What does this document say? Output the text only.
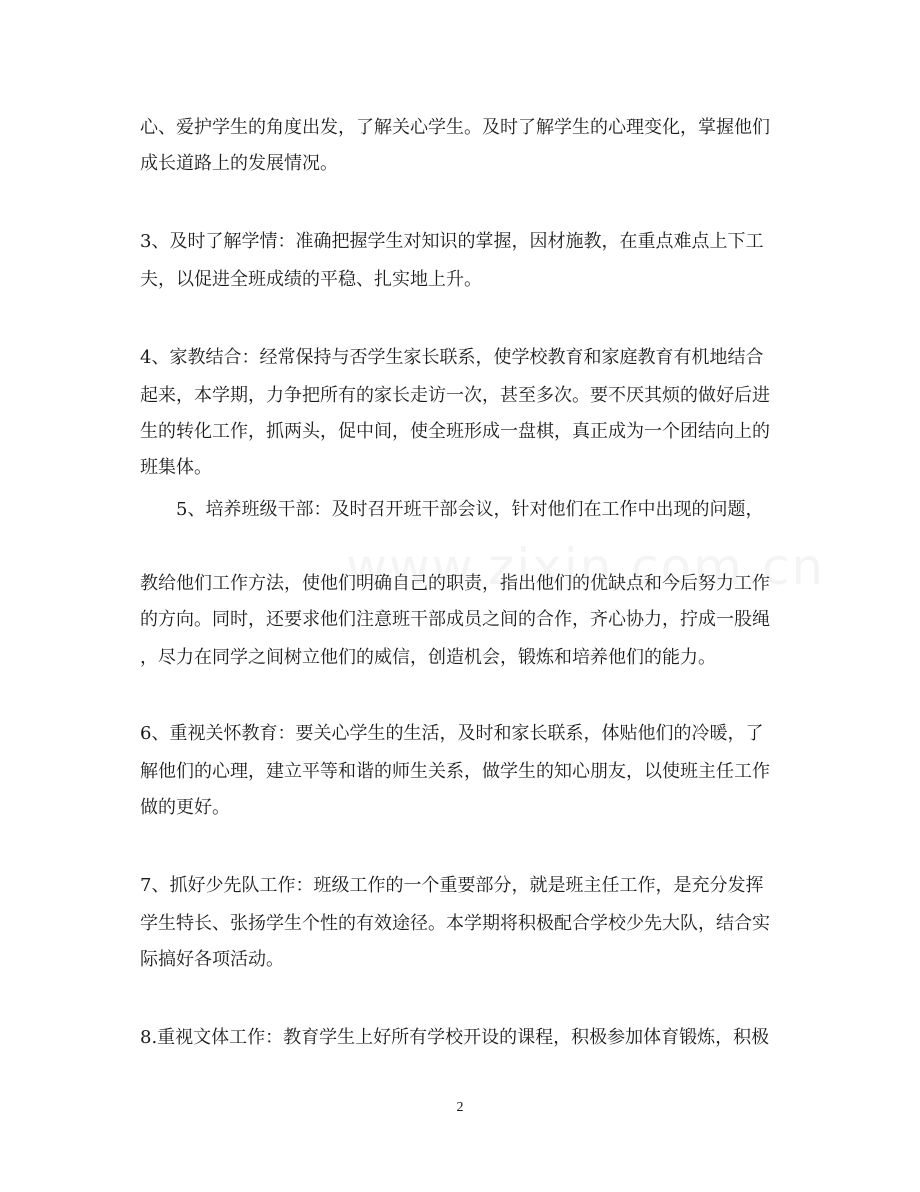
心、爱护学生的角度出发，了解关心学生。及时了解学生的心理变化，掌握他们
成长道路上的发展情况。
3、及时了解学情：准确把握学生对知识的掌握，因材施教，在重点难点上下工
夫，以促进全班成绩的平稳、扎实地上升。
4、家教结合：经常保持与否学生家长联系，使学校教育和家庭教育有机地结合
起来，本学期，力争把所有的家长走访一次，甚至多次。要不厌其烦的做好后进
生的转化工作，抓两头，促中间，使全班形成一盘棋，真正成为一个团结向上的
班集体。
5、培养班级干部：及时召开班干部会议，针对他们在工作中出现的问题，
教给他们工作方法，使他们明确自己的职责，指出他们的优缺点和今后努力工作
的方向。同时，还要求他们注意班干部成员之间的合作，齐心协力，拧成一股绳
，尽力在同学之间树立他们的威信，创造机会，锻炼和培养他们的能力。
6、重视关怀教育：要关心学生的生活，及时和家长联系，体贴他们的冷暖，了
解他们的心理，建立平等和谐的师生关系，做学生的知心朋友，以使班主任工作
做的更好。
7、抓好少先队工作：班级工作的一个重要部分，就是班主任工作，是充分发挥
学生特长、张扬学生个性的有效途径。本学期将积极配合学校少先大队，结合实
际搞好各项活动。
8.重视文体工作：教育学生上好所有学校开设的课程，积极参加体育锻炼，积极
2
